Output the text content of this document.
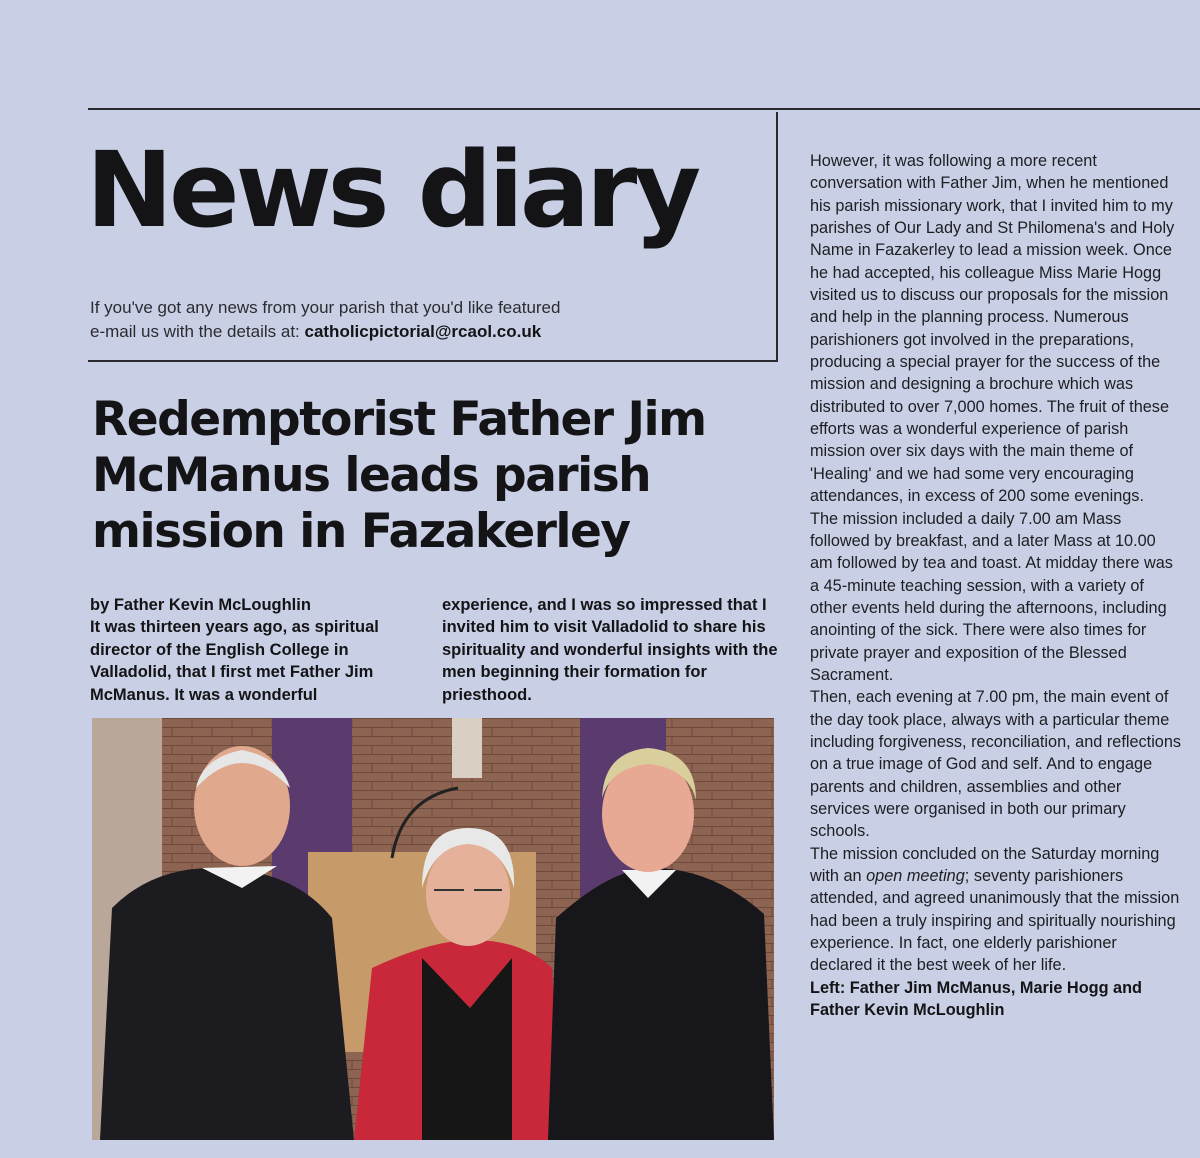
News diary
If you've got any news from your parish that you'd like featured
e-mail us with the details at: catholicpictorial@rcaol.co.uk
Redemptorist Father Jim McManus leads parish mission in Fazakerley

by Father Kevin McLoughlin

It was thirteen years ago, as spiritual director of the English College in Valladolid, that I first met Father Jim McManus. It was a wonderful

experience, and I was so impressed that I invited him to visit Valladolid to share his spirituality and wonderful insights with the men beginning their formation for priesthood.

However, it was following a more recent conversation with Father Jim, when he mentioned his parish missionary work, that I invited him to my parishes of Our Lady and St Philomena's and Holy Name in Fazakerley to lead a mission week. Once he had accepted, his colleague Miss Marie Hogg visited us to discuss our proposals for the mission and help in the planning process. Numerous parishioners got involved in the preparations, producing a special prayer for the success of the mission and designing a brochure which was distributed to over 7,000 homes. The fruit of these efforts was a wonderful experience of parish mission over six days with the main theme of 'Healing' and we had some very encouraging attendances, in excess of 200 some evenings.

The mission included a daily 7.00 am Mass followed by breakfast, and a later Mass at 10.00 am followed by tea and toast. At midday there was a 45-minute teaching session, with a variety of other events held during the afternoons, including anointing of the sick. There were also times for private prayer and exposition of the Blessed Sacrament.

Then, each evening at 7.00 pm, the main event of the day took place, always with a particular theme including forgiveness, reconciliation, and reflections on a true image of God and self. And to engage parents and children, assemblies and other services were organised in both our primary schools.

The mission concluded on the Saturday morning with an open meeting; seventy parishioners attended, and agreed unanimously that the mission had been a truly inspiring and spiritually nourishing experience. In fact, one elderly parishioner declared it the best week of her life.

Left: Father Jim McManus, Marie Hogg and Father Kevin McLoughlin
